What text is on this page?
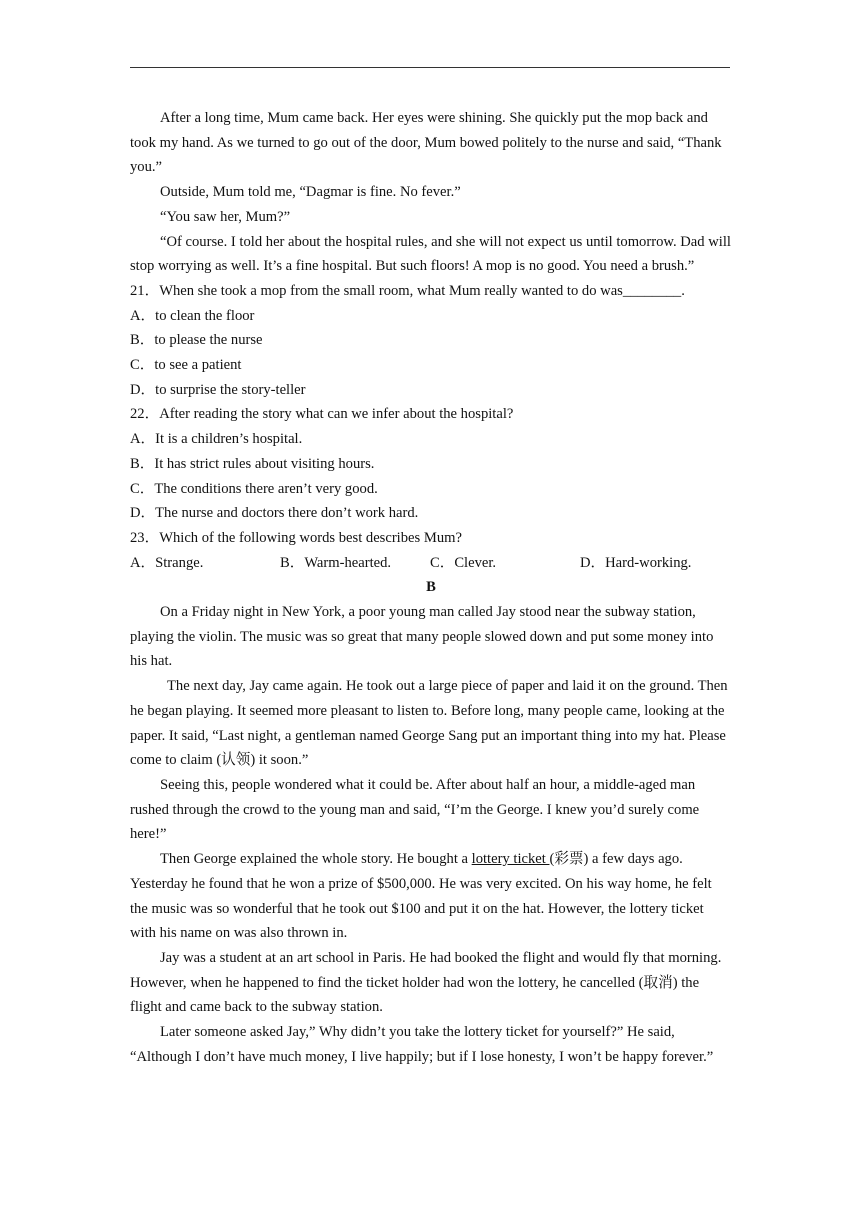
After a long time, Mum came back. Her eyes were shining. She quickly put the mop back and took my hand. As we turned to go out of the door, Mum bowed politely to the nurse and said, “Thank you.”

Outside, Mum told me, “Dagmar is fine. No fever.”

“You saw her, Mum?”

“Of course. I told her about the hospital rules, and she will not expect us until tomorrow. Dad will stop worrying as well. It’s a fine hospital. But such floors! A mop is no good. You need a brush.”

21．When she took a mop from the small room, what Mum really wanted to do was________.

A．to clean the floor

B．to please the nurse

C．to see a patient

D．to surprise the story-teller

22．After reading the story what can we infer about the hospital?

A．It is a children’s hospital.

B．It has strict rules about visiting hours.

C．The conditions there aren’t very good.

D．The nurse and doctors there don’t work hard.

23．Which of the following words best describes Mum?

A．Strange.	B．Warm-hearted.	C．Clever.	D．Hard-working.

B

On a Friday night in New York, a poor young man called Jay stood near the subway station, playing the violin. The music was so great that many people slowed down and put some money into his hat.

The next day, Jay came again. He took out a large piece of paper and laid it on the ground. Then he began playing. It seemed more pleasant to listen to. Before long, many people came, looking at the paper. It said, “Last night, a gentleman named George Sang put an important thing into my hat. Please come to claim (认领) it soon.”

Seeing this, people wondered what it could be. After about half an hour, a middle-aged man rushed through the crowd to the young man and said, “I’m the George. I knew you’d surely come here!”

Then George explained the whole story. He bought a lottery ticket (彩票) a few days ago. Yesterday he found that he won a prize of $500,000. He was very excited. On his way home, he felt the music was so wonderful that he took out $100 and put it on the hat. However, the lottery ticket with his name on was also thrown in.

Jay was a student at an art school in Paris. He had booked the flight and would fly that morning. However, when he happened to find the ticket holder had won the lottery, he cancelled (取消) the flight and came back to the subway station.

Later someone asked Jay,” Why didn’t you take the lottery ticket for yourself?” He said, “Although I don’t have much money, I live happily; but if I lose honesty, I won’t be happy forever.”
